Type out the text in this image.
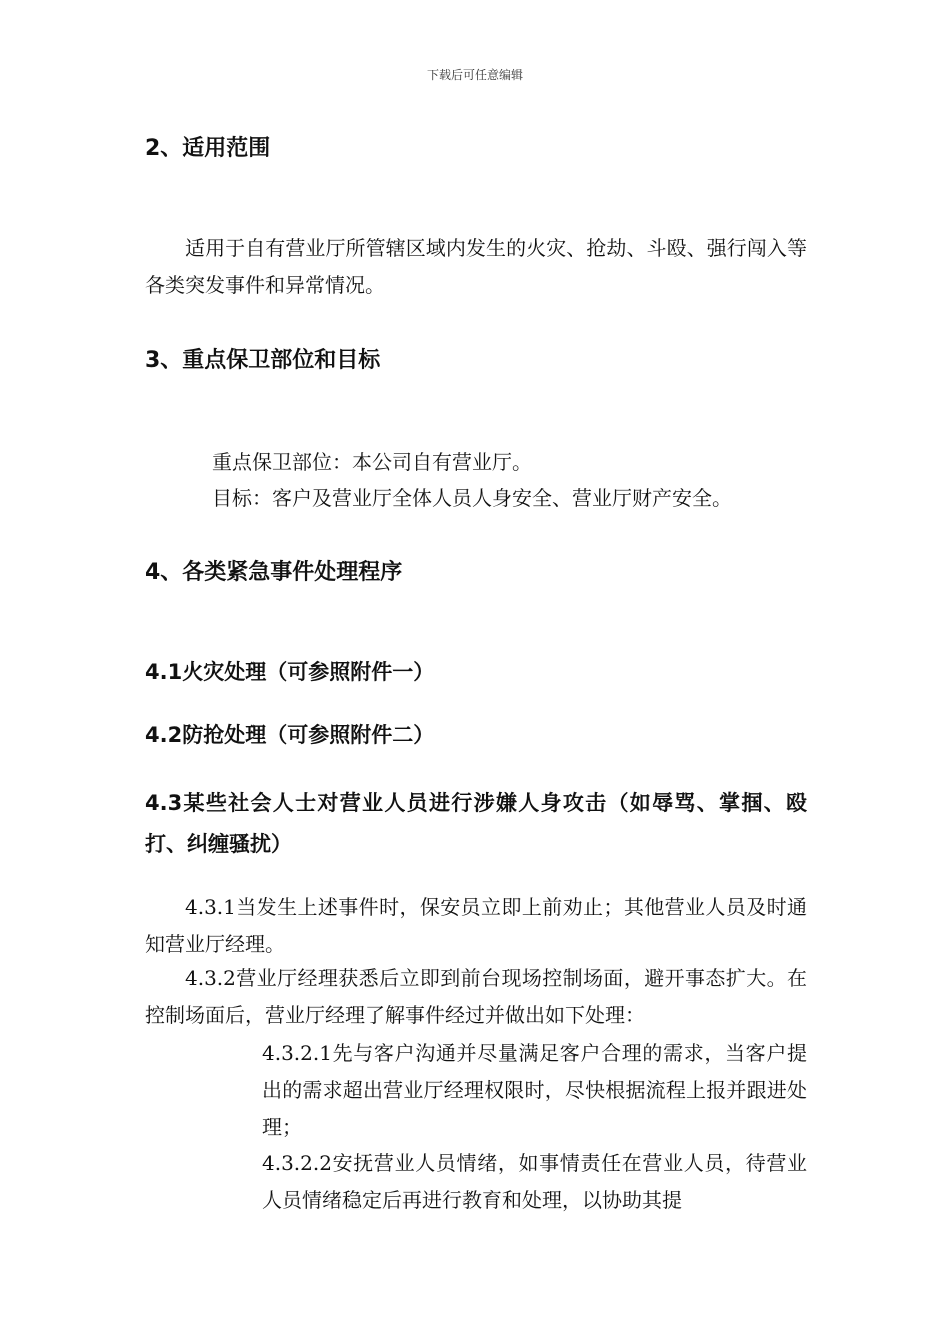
下载后可任意编辑
2、适用范围

适用于自有营业厅所管辖区域内发生的火灾、抢劫、斗殴、强行闯入等各类突发事件和异常情况。

3、重点保卫部位和目标
重点保卫部位：本公司自有营业厅。
目标：客户及营业厅全体人员人身安全、营业厅财产安全。
4、各类紧急事件处理程序
4.1火灾处理（可参照附件一）
4.2防抢处理（可参照附件二）

4.3某些社会人士对营业人员进行涉嫌人身攻击（如辱骂、掌掴、殴打、纠缠骚扰）

4.3.1当发生上述事件时，保安员立即上前劝止；其他营业人员及时通知营业厅经理。

4.3.2营业厅经理获悉后立即到前台现场控制场面，避开事态扩大。在控制场面后，营业厅经理了解事件经过并做出如下处理：

4.3.2.1先与客户沟通并尽量满足客户合理的需求，当客户提出的需求超出营业厅经理权限时，尽快根据流程上报并跟进处理；

4.3.2.2安抚营业人员情绪，如事情责任在营业人员，待营业人员情绪稳定后再进行教育和处理，以协助其提
